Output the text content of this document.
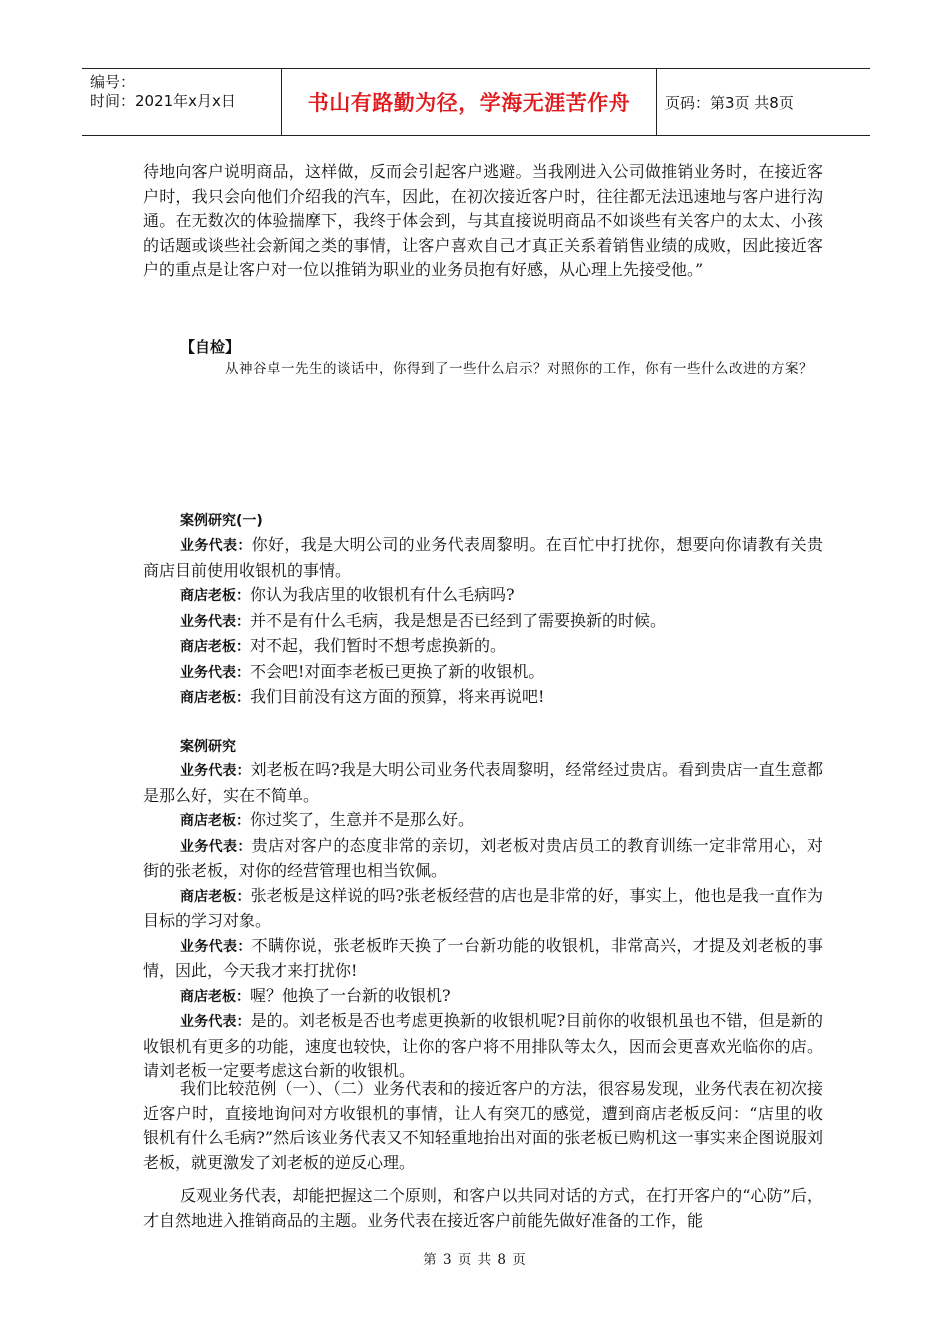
编号：
时间：2021年x月x日	书山有路勤为径，学海无涯苦作舟	页码：第3页 共8页

待地向客户说明商品，这样做，反而会引起客户逃避。当我刚进入公司做推销业务时，在接近客户时，我只会向他们介绍我的汽车，因此，在初次接近客户时，往往都无法迅速地与客户进行沟通。在无数次的体验揣摩下，我终于体会到，与其直接说明商品不如谈些有关客户的太太、小孩的话题或谈些社会新闻之类的事情，让客户喜欢自己才真正关系着销售业绩的成败，因此接近客户的重点是让客户对一位以推销为职业的业务员抱有好感，从心理上先接受他。”

【自检】

从神谷卓一先生的谈话中，你得到了一些什么启示？对照你的工作，你有一些什么改进的方案？

案例研究(一)
业务代表：你好，我是大明公司的业务代表周黎明。在百忙中打扰你，想要向你请教有关贵商店目前使用收银机的事情。
商店老板：你认为我店里的收银机有什么毛病吗?
业务代表：并不是有什么毛病，我是想是否已经到了需要换新的时候。
商店老板：对不起，我们暂时不想考虑换新的。
业务代表：不会吧!对面李老板已更换了新的收银机。
商店老板：我们目前没有这方面的预算，将来再说吧!
案例研究
业务代表：刘老板在吗?我是大明公司业务代表周黎明，经常经过贵店。看到贵店一直生意都是那么好，实在不简单。
商店老板：你过奖了，生意并不是那么好。
业务代表：贵店对客户的态度非常的亲切，刘老板对贵店员工的教育训练一定非常用心，对街的张老板，对你的经营管理也相当钦佩。
商店老板：张老板是这样说的吗?张老板经营的店也是非常的好，事实上，他也是我一直作为目标的学习对象。
业务代表：不瞒你说，张老板昨天换了一台新功能的收银机，非常高兴，才提及刘老板的事情，因此，今天我才来打扰你!
商店老板：喔？他换了一台新的收银机?
业务代表：是的。刘老板是否也考虑更换新的收银机呢?目前你的收银机虽也不错，但是新的收银机有更多的功能，速度也较快，让你的客户将不用排队等太久，因而会更喜欢光临你的店。请刘老板一定要考虑这台新的收银机。

我们比较范例（一）、（二）业务代表和的接近客户的方法，很容易发现，业务代表在初次接近客户时，直接地询问对方收银机的事情，让人有突兀的感觉，遭到商店老板反问：“店里的收银机有什么毛病?”然后该业务代表又不知轻重地抬出对面的张老板已购机这一事实来企图说服刘老板，就更激发了刘老板的逆反心理。

反观业务代表，却能把握这二个原则，和客户以共同对话的方式，在打开客户的“心防”后，才自然地进入推销商品的主题。业务代表在接近客户前能先做好准备的工作，能

第 3 页 共 8 页
